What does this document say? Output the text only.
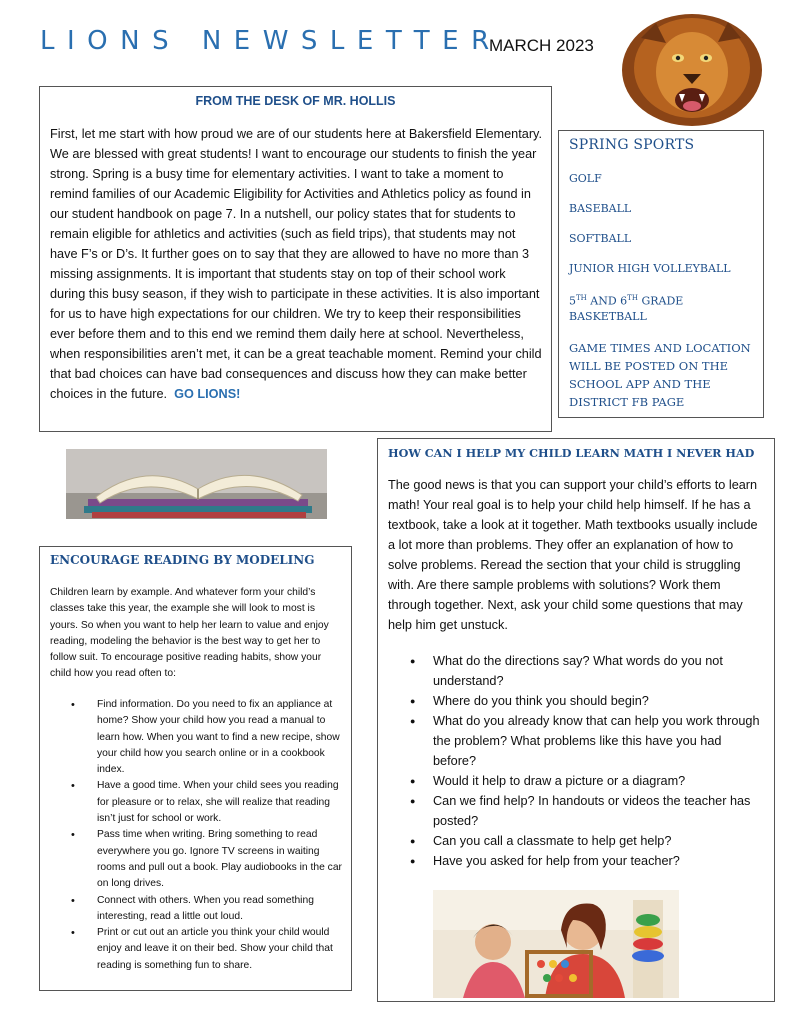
LIONS NEWSLETTER
MARCH 2023
FROM THE DESK OF MR. HOLLIS
First, let me start with how proud we are of our students here at Bakersfield Elementary. We are blessed with great students! I want to encourage our students to finish the year strong. Spring is a busy time for elementary activities. I want to take a moment to remind families of our Academic Eligibility for Activities and Athletics policy as found in our student handbook on page 7. In a nutshell, our policy states that for students to remain eligible for athletics and activities (such as field trips), that students may not have F’s or D’s. It further goes on to say that they are allowed to have no more than 3 missing assignments. It is important that students stay on top of their school work during this busy season, if they wish to participate in these activities. It is also important for us to have high expectations for our children. We try to keep their responsibilities ever before them and to this end we remind them daily here at school. Nevertheless, when responsibilities aren’t met, it can be a great teachable moment. Remind your child that bad choices can have bad consequences and discuss how they can make better choices in the future. GO LIONS!
SPRING SPORTS
GOLF
BASEBALL
SOFTBALL
JUNIOR HIGH VOLLEYBALL
5TH AND 6TH GRADE BASKETBALL
GAME TIMES AND LOCATION WILL BE POSTED ON THE SCHOOL APP AND THE DISTRICT FB PAGE
ENCOURAGE READING BY MODELING
Children learn by example. And whatever form your child’s classes take this year, the example she will look to most is yours. So when you want to help her learn to value and enjoy reading, modeling the behavior is the best way to get her to follow suit. To encourage positive reading habits, show your child how you read often to:
• Find information. Do you need to fix an appliance at home? Show your child how you read a manual to learn how. When you want to find a new recipe, show your child how you search online or in a cookbook index.
• Have a good time. When your child sees you reading for pleasure or to relax, she will realize that reading isn’t just for school or work.
• Pass time when writing. Bring something to read everywhere you go. Ignore TV screens in waiting rooms and pull out a book. Play audiobooks in the car on long drives.
• Connect with others. When you read something interesting, read a little out loud.
• Print or cut out an article you think your child would enjoy and leave it on their bed. Show your child that reading is something fun to share.
HOW CAN I HELP MY CHILD LEARN MATH I NEVER HAD
The good news is that you can support your child’s efforts to learn math! Your real goal is to help your child help himself. If he has a textbook, take a look at it together. Math textbooks usually include a lot more than problems. They offer an explanation of how to solve problems. Reread the section that your child is struggling with. Are there sample problems with solutions? Work them through together. Next, ask your child some questions that may help him get unstuck.
● What do the directions say? What words do you not understand?
● Where do you think you should begin?
● What do you already know that can help you work through the problem? What problems like this have you had before?
● Would it help to draw a picture or a diagram?
● Can we find help? In handouts or videos the teacher has posted?
● Can you call a classmate to help get help?
● Have you asked for help from your teacher?
